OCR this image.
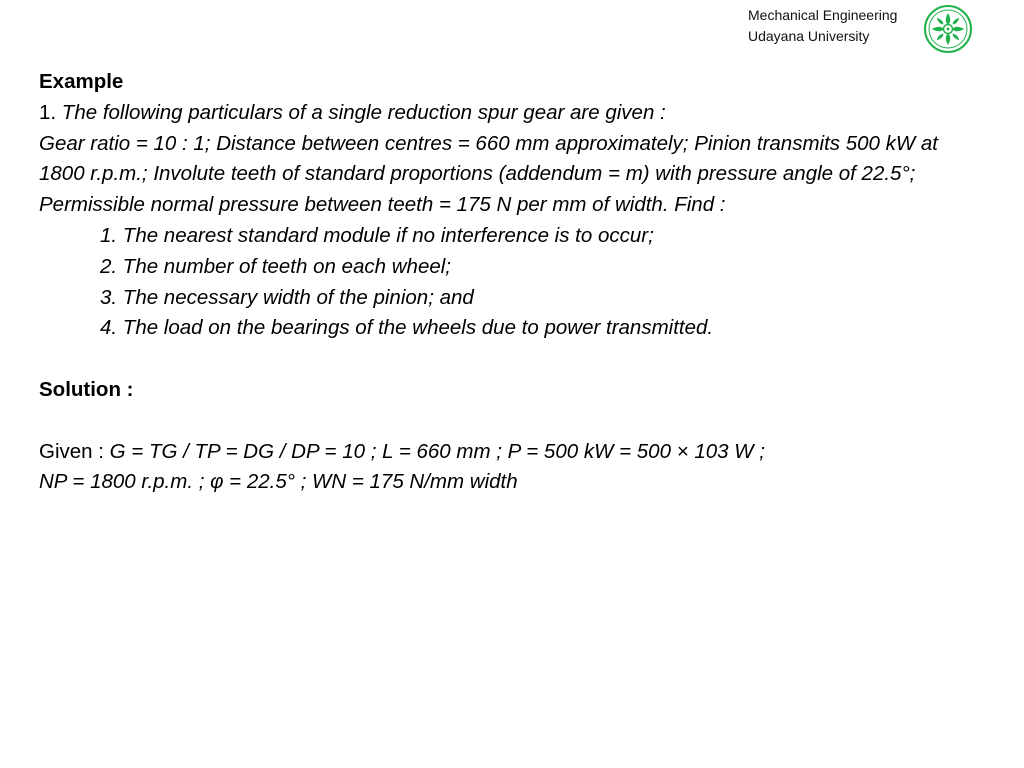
Mechanical Engineering
Udayana University

Example

1. The following particulars of a single reduction spur gear are given :

Gear ratio = 10 : 1; Distance between centres = 660 mm approximately; Pinion transmits 500 kW at 1800 r.p.m.; Involute teeth of standard proportions (addendum = m) with pressure angle of 22.5°; Permissible normal pressure between teeth = 175 N per mm of width. Find :

1. The nearest standard module if no interference is to occur;

2. The number of teeth on each wheel;

3. The necessary width of the pinion; and

4. The load on the bearings of the wheels due to power transmitted.

Solution :

Given : G = TG / TP = DG / DP = 10 ; L = 660 mm ; P = 500 kW = 500 × 103 W ;

NP = 1800 r.p.m. ; φ = 22.5° ; WN = 175 N/mm width
